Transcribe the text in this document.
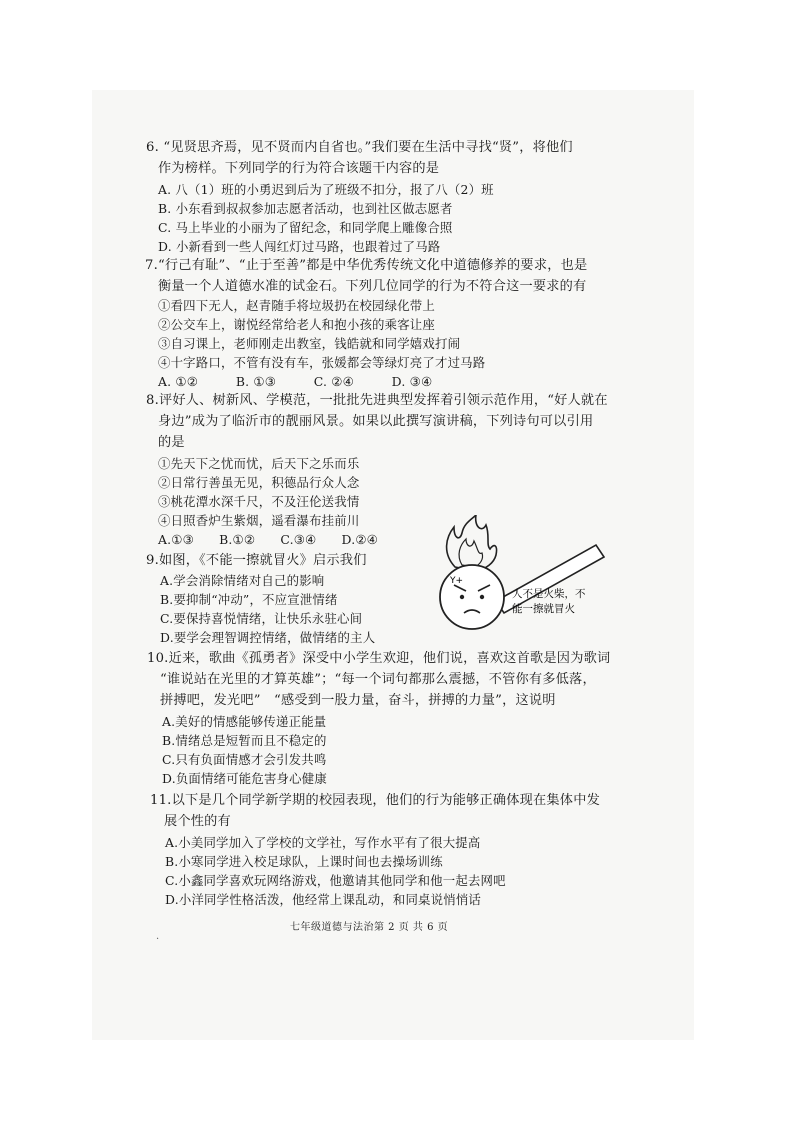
6. “见贤思齐焉，见不贤而内自省也。”我们要在生活中寻找“贤”，将他们
作为榜样。下列同学的行为符合该题干内容的是
A. 八（1）班的小勇迟到后为了班级不扣分，报了八（2）班
B. 小东看到叔叔参加志愿者活动，也到社区做志愿者
C. 马上毕业的小丽为了留纪念，和同学爬上雕像合照
D. 小新看到一些人闯红灯过马路，也跟着过了马路
7.“行己有耻”、“止于至善”都是中华优秀传统文化中道德修养的要求，也是
衡量一个人道德水准的试金石。下列几位同学的行为不符合这一要求的有
①看四下无人，赵青随手将垃圾扔在校园绿化带上
②公交车上，谢悦经常给老人和抱小孩的乘客让座
③自习课上，老师刚走出教室，钱皓就和同学嬉戏打闹
④十字路口，不管有没有车，张媛都会等绿灯亮了才过马路
A. ①②　　　B. ①③　　　C. ②④　　　D. ③④
8.评好人、树新风、学模范，一批批先进典型发挥着引领示范作用，“好人就在
身边”成为了临沂市的靓丽风景。如果以此撰写演讲稿，下列诗句可以引用
的是
①先天下之忧而忧，后天下之乐而乐
②日常行善虽无见，积德品行众人念
③桃花潭水深千尺，不及汪伦送我情
④日照香炉生紫烟，遥看瀑布挂前川
A.①③　　B.①②　　C.③④　　D.②④
9.如图，《不能一擦就冒火》启示我们
A.学会消除情绪对自己的影响
B.要抑制“冲动”，不应宣泄情绪
C.要保持喜悦情绪，让快乐永驻心间
D.要学会理智调控情绪，做情绪的主人
Y+
人不是火柴，不
能一擦就冒火
10.近来，歌曲《孤勇者》深受中小学生欢迎，他们说，喜欢这首歌是因为歌词
“谁说站在光里的才算英雄”；“每一个词句都那么震撼，不管你有多低落，
拼搏吧，发光吧”　“感受到一股力量，奋斗，拼搏的力量”，这说明
A.美好的情感能够传递正能量
B.情绪总是短暂而且不稳定的
C.只有负面情感才会引发共鸣
D.负面情绪可能危害身心健康
11.以下是几个同学新学期的校园表现，他们的行为能够正确体现在集体中发
展个性的有
A.小美同学加入了学校的文学社，写作水平有了很大提高
B.小寒同学进入校足球队，上课时间也去操场训练
C.小鑫同学喜欢玩网络游戏，他邀请其他同学和他一起去网吧
D.小洋同学性格活泼，他经常上课乱动，和同桌说悄悄话
七年级道德与法治第 2 页 共 6 页
·
